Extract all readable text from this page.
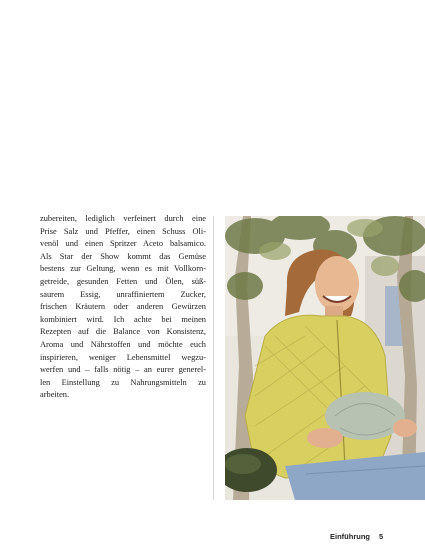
zubereiten, lediglich verfeinert durch eine
Prise Salz und Pfeffer, einen Schuss Oli-
venöl und einen Spritzer Aceto balsamico.
Als Star der Show kommt das Gemüse
bestens zur Geltung, wenn es mit Vollkorn-
getreide, gesunden Fetten und Ölen, süß-
saurem Essig, unraffiniertem Zucker,
frischen Kräutern oder anderen Gewürzen
kombiniert wird. Ich achte bei meinen
Rezepten auf die Balance von Konsistenz,
Aroma und Nährstoffen und möchte euch
inspirieren, weniger Lebensmittel wegzu-
werfen und – falls nötig – an eurer generel-
len Einstellung zu Nahrungsmitteln zu
arbeiten.
Einführung 5
